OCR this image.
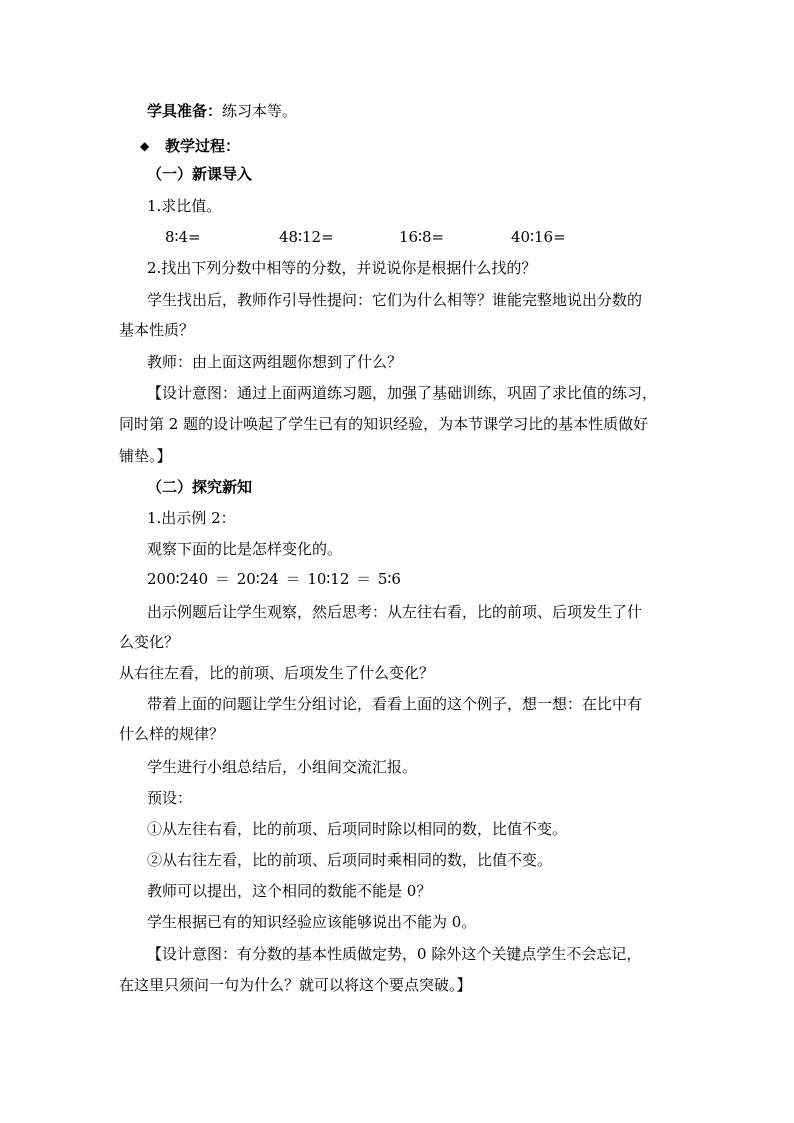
学具准备：练习本等。
◆ 教学过程：
（一）新课导入
1.求比值。
8∶4=	48∶12=	16∶8=	40∶16=
2.找出下列分数中相等的分数，并说说你是根据什么找的？
学生找出后，教师作引导性提问：它们为什么相等？谁能完整地说出分数的
基本性质？
教师：由上面这两组题你想到了什么？
【设计意图：通过上面两道练习题，加强了基础训练，巩固了求比值的练习，
同时第 2 题的设计唤起了学生已有的知识经验，为本节课学习比的基本性质做好
铺垫。】
（二）探究新知
1.出示例 2：
观察下面的比是怎样变化的。
200∶240 ＝ 20∶24 ＝ 10∶12 ＝ 5∶6
出示例题后让学生观察，然后思考：从左往右看，比的前项、后项发生了什
么变化？
从右往左看，比的前项、后项发生了什么变化？
带着上面的问题让学生分组讨论，看看上面的这个例子，想一想：在比中有
什么样的规律？
学生进行小组总结后，小组间交流汇报。
预设：
①从左往右看，比的前项、后项同时除以相同的数，比值不变。
②从右往左看，比的前项、后项同时乘相同的数，比值不变。
教师可以提出，这个相同的数能不能是 0？
学生根据已有的知识经验应该能够说出不能为 0。
【设计意图：有分数的基本性质做定势，0 除外这个关键点学生不会忘记，
在这里只须问一句为什么？就可以将这个要点突破。】
